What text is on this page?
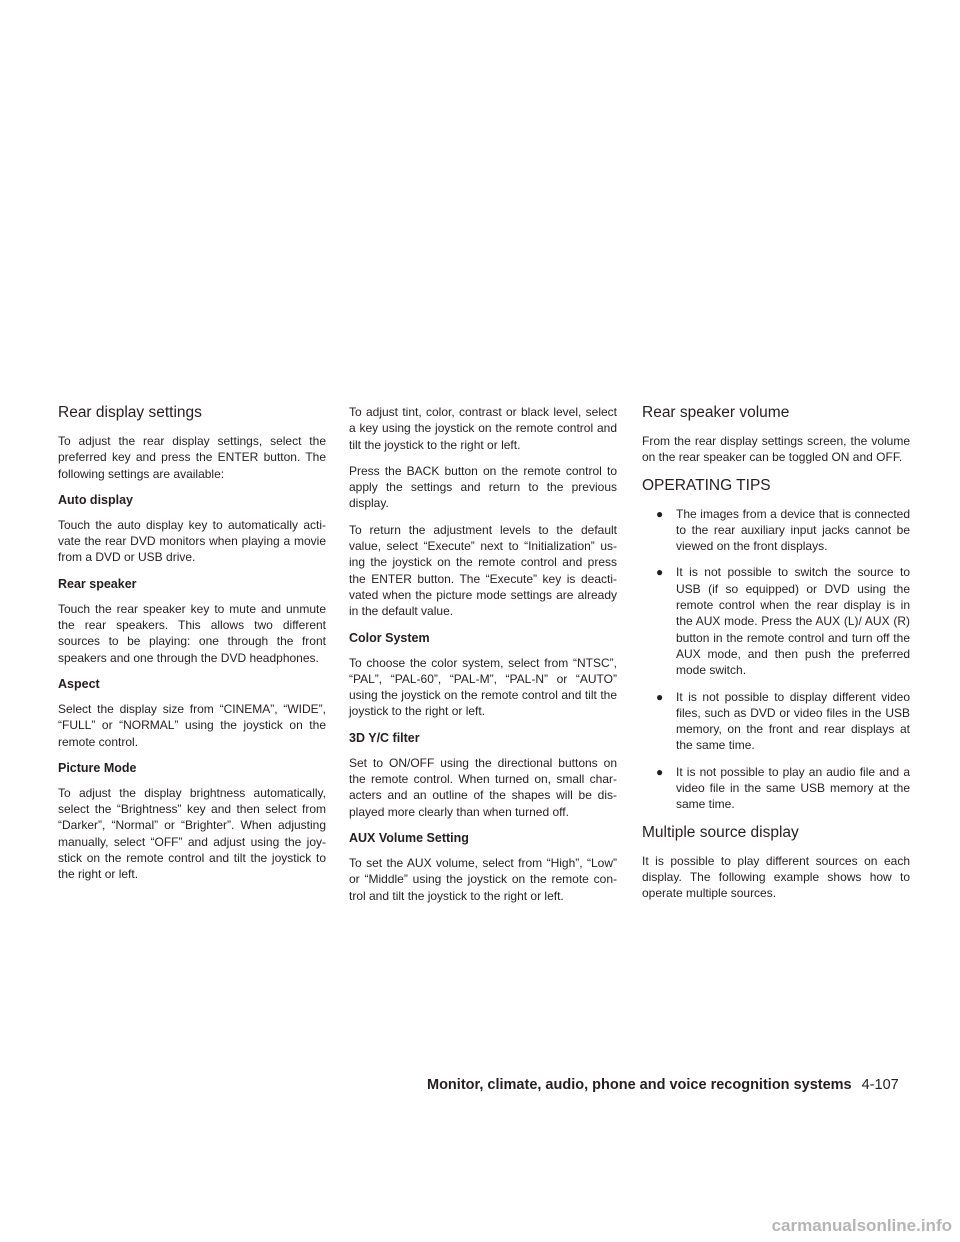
Rear display settings

To adjust the rear display settings, select the preferred key and press the ENTER button. The following settings are available:

Auto display

Touch the auto display key to automatically acti- vate the rear DVD monitors when playing a movie from a DVD or USB drive.

Rear speaker

Touch the rear speaker key to mute and unmute the rear speakers. This allows two different sources to be playing: one through the front speakers and one through the DVD headphones.

Aspect

Select the display size from “CINEMA”, “WIDE”, “FULL” or “NORMAL” using the joystick on the remote control.

Picture Mode

To adjust the display brightness automatically, select the “Brightness” key and then select from “Darker”, “Normal” or “Brighter”. When adjusting manually, select “OFF” and adjust using the joy- stick on the remote control and tilt the joystick to the right or left.

To adjust tint, color, contrast or black level, select a key using the joystick on the remote control and tilt the joystick to the right or left.

Press the BACK button on the remote control to apply the settings and return to the previous display.

To return the adjustment levels to the default value, select “Execute” next to “Initialization” us- ing the joystick on the remote control and press the ENTER button. The “Execute” key is deacti- vated when the picture mode settings are already in the default value.

Color System

To choose the color system, select from “NTSC”, “PAL”, “PAL-60”, “PAL-M”, “PAL-N” or “AUTO” using the joystick on the remote control and tilt the joystick to the right or left.

3D Y/C filter

Set to ON/OFF using the directional buttons on the remote control. When turned on, small char- acters and an outline of the shapes will be dis- played more clearly than when turned off.

AUX Volume Setting

To set the AUX volume, select from “High”, “Low” or “Middle” using the joystick on the remote con- trol and tilt the joystick to the right or left.

Rear speaker volume

From the rear display settings screen, the volume on the rear speaker can be toggled ON and OFF.

OPERATING TIPS
● The images from a device that is connected to the rear auxiliary input jacks cannot be viewed on the front displays.
● It is not possible to switch the source to USB (if so equipped) or DVD using the remote control when the rear display is in the AUX mode. Press the AUX (L)/ AUX (R) button in the remote control and turn off the AUX mode, and then push the preferred mode switch.
● It is not possible to display different video files, such as DVD or video files in the USB memory, on the front and rear displays at the same time.
● It is not possible to play an audio file and a video file in the same USB memory at the same time.
Multiple source display

It is possible to play different sources on each display. The following example shows how to operate multiple sources.

Monitor, climate, audio, phone and voice recognition systems 4-107
carmanualsonline.info
